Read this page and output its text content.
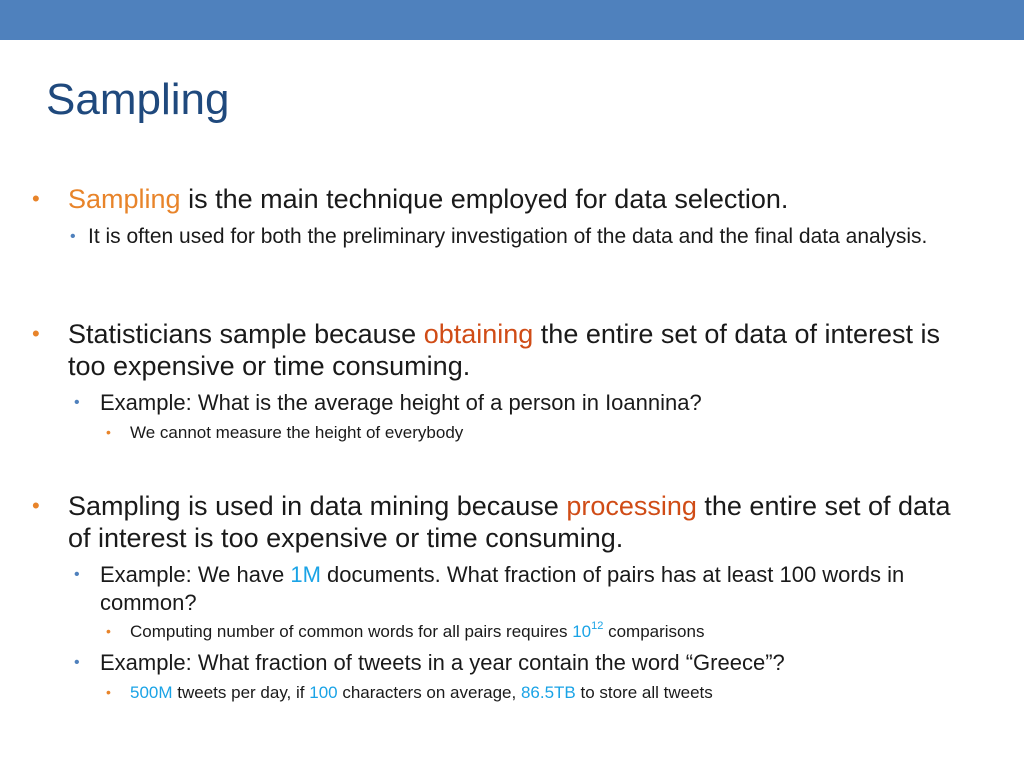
Sampling
• Sampling is the main technique employed for data selection.
• It is often used for both the preliminary investigation of the data and the final data analysis.
• Statisticians sample because obtaining the entire set of data of interest is too expensive or time consuming.
• Example: What is the average height of a person in Ioannina?
• We cannot measure the height of everybody
• Sampling is used in data mining because processing the entire set of data of interest is too expensive or time consuming.
• Example: We have 1M documents. What fraction of pairs has at least 100 words in common?
• Computing number of common words for all pairs requires $10^{12}$ comparisons
• Example: What fraction of tweets in a year contain the word “Greece”?
• 500M tweets per day, if 100 characters on average, 86.5TB to store all tweets
